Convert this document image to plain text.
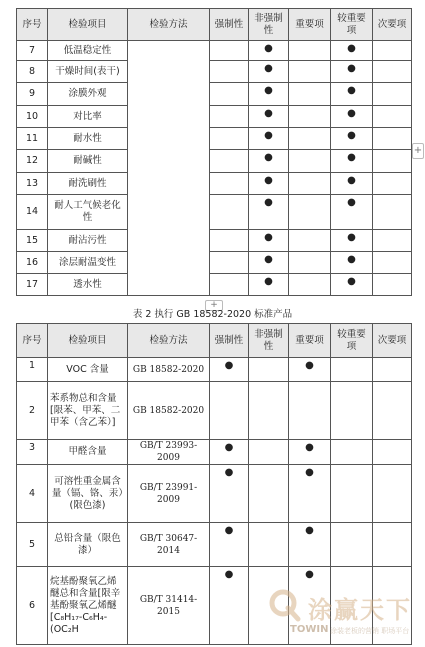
序号	检验项目	检验方法	强制性	非强制性	重要项	较重要项	次要项
7	低温稳定性			●		●	
8	干燥时间(表干)			●		●	
9	涂膜外观			●		●	
10	对比率			●		●	
11	耐水性			●		●	
12	耐碱性			●		●	
13	耐洗刷性			●		●	
14	耐人工气候老化性			●		●	
15	耐沾污性			●		●	
16	涂层耐温变性			●		●	
17	透水性			●		●	
+
+
表 2 执行 GB 18582-2020 标准产品
序号	检验项目	检验方法	强制性	非强制性	重要项	较重要项	次要项
1	VOC 含量	GB 18582-2020	●		●		
2	苯系物总和含量[限苯、甲苯、二甲苯（含乙苯）]	GB 18582-2020					
3	甲醛含量	GB/T 23993-2009	●		●		
4	可溶性重金属含量（镉、铬、汞）(限色漆)	GB/T 23991-2009	●		●		
5	总铅含量（限色漆）	GB/T 30647-2014	●		●		
6	烷基酚聚氧乙烯醚总和含量[限辛基酚聚氧乙烯醚[C₈H₁₇-C₆H₄-(OC₂H	GB/T 31414-2015	●		●		
涂赢天下
TOWIN 涂装老板的营销 职场平台
